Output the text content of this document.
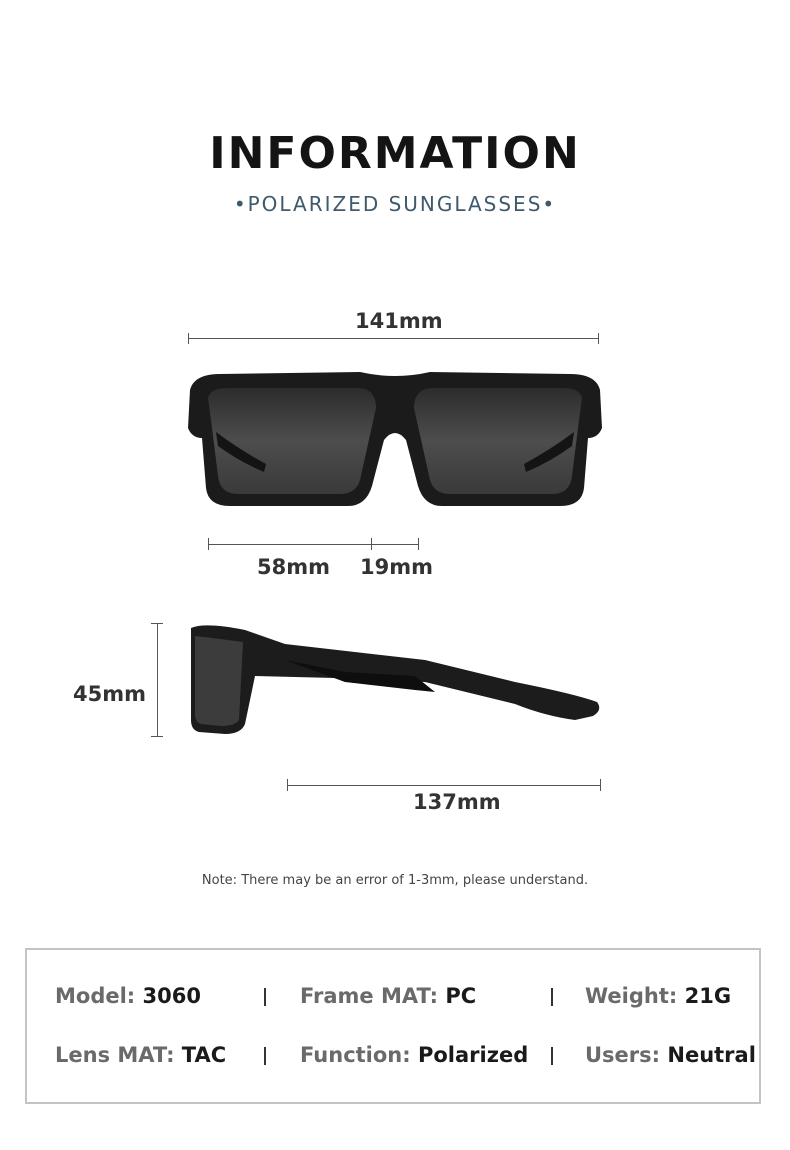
INFORMATION
•POLARIZED SUNGLASSES•
141mm
58mm 19mm
45mm
137mm
Note: There may be an error of 1-3mm, please understand.
Model: 3060	Frame MAT: PC	Weight: 21G
Lens MAT: TAC	Function: Polarized	Users: Neutral
